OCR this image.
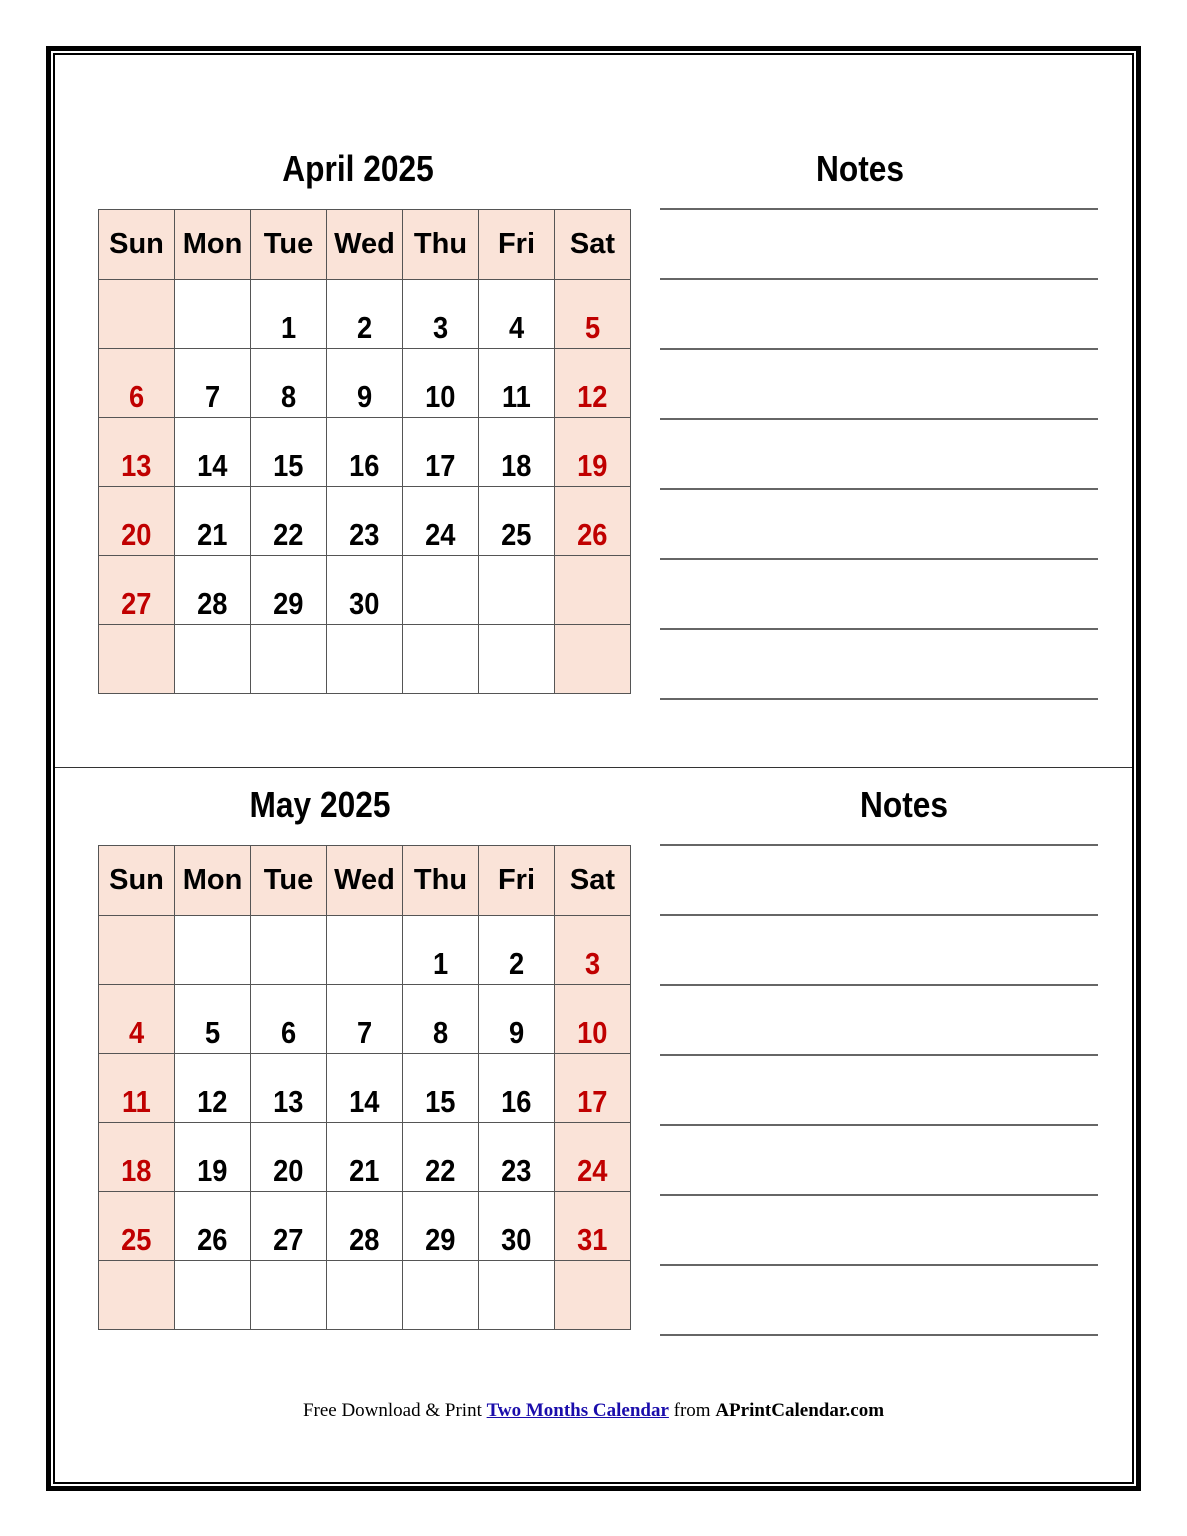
April 2025	Notes
Sun	Mon	Tue	Wed	Thu	Fri	Sat
		1	2	3	4	5
6	7	8	9	10	11	12
13	14	15	16	17	18	19
20	21	22	23	24	25	26
27	28	29	30			

May 2025	Notes
Sun	Mon	Tue	Wed	Thu	Fri	Sat
				1	2	3
4	5	6	7	8	9	10
11	12	13	14	15	16	17
18	19	20	21	22	23	24
25	26	27	28	29	30	31

Free Download & Print Two Months Calendar from APrintCalendar.com
